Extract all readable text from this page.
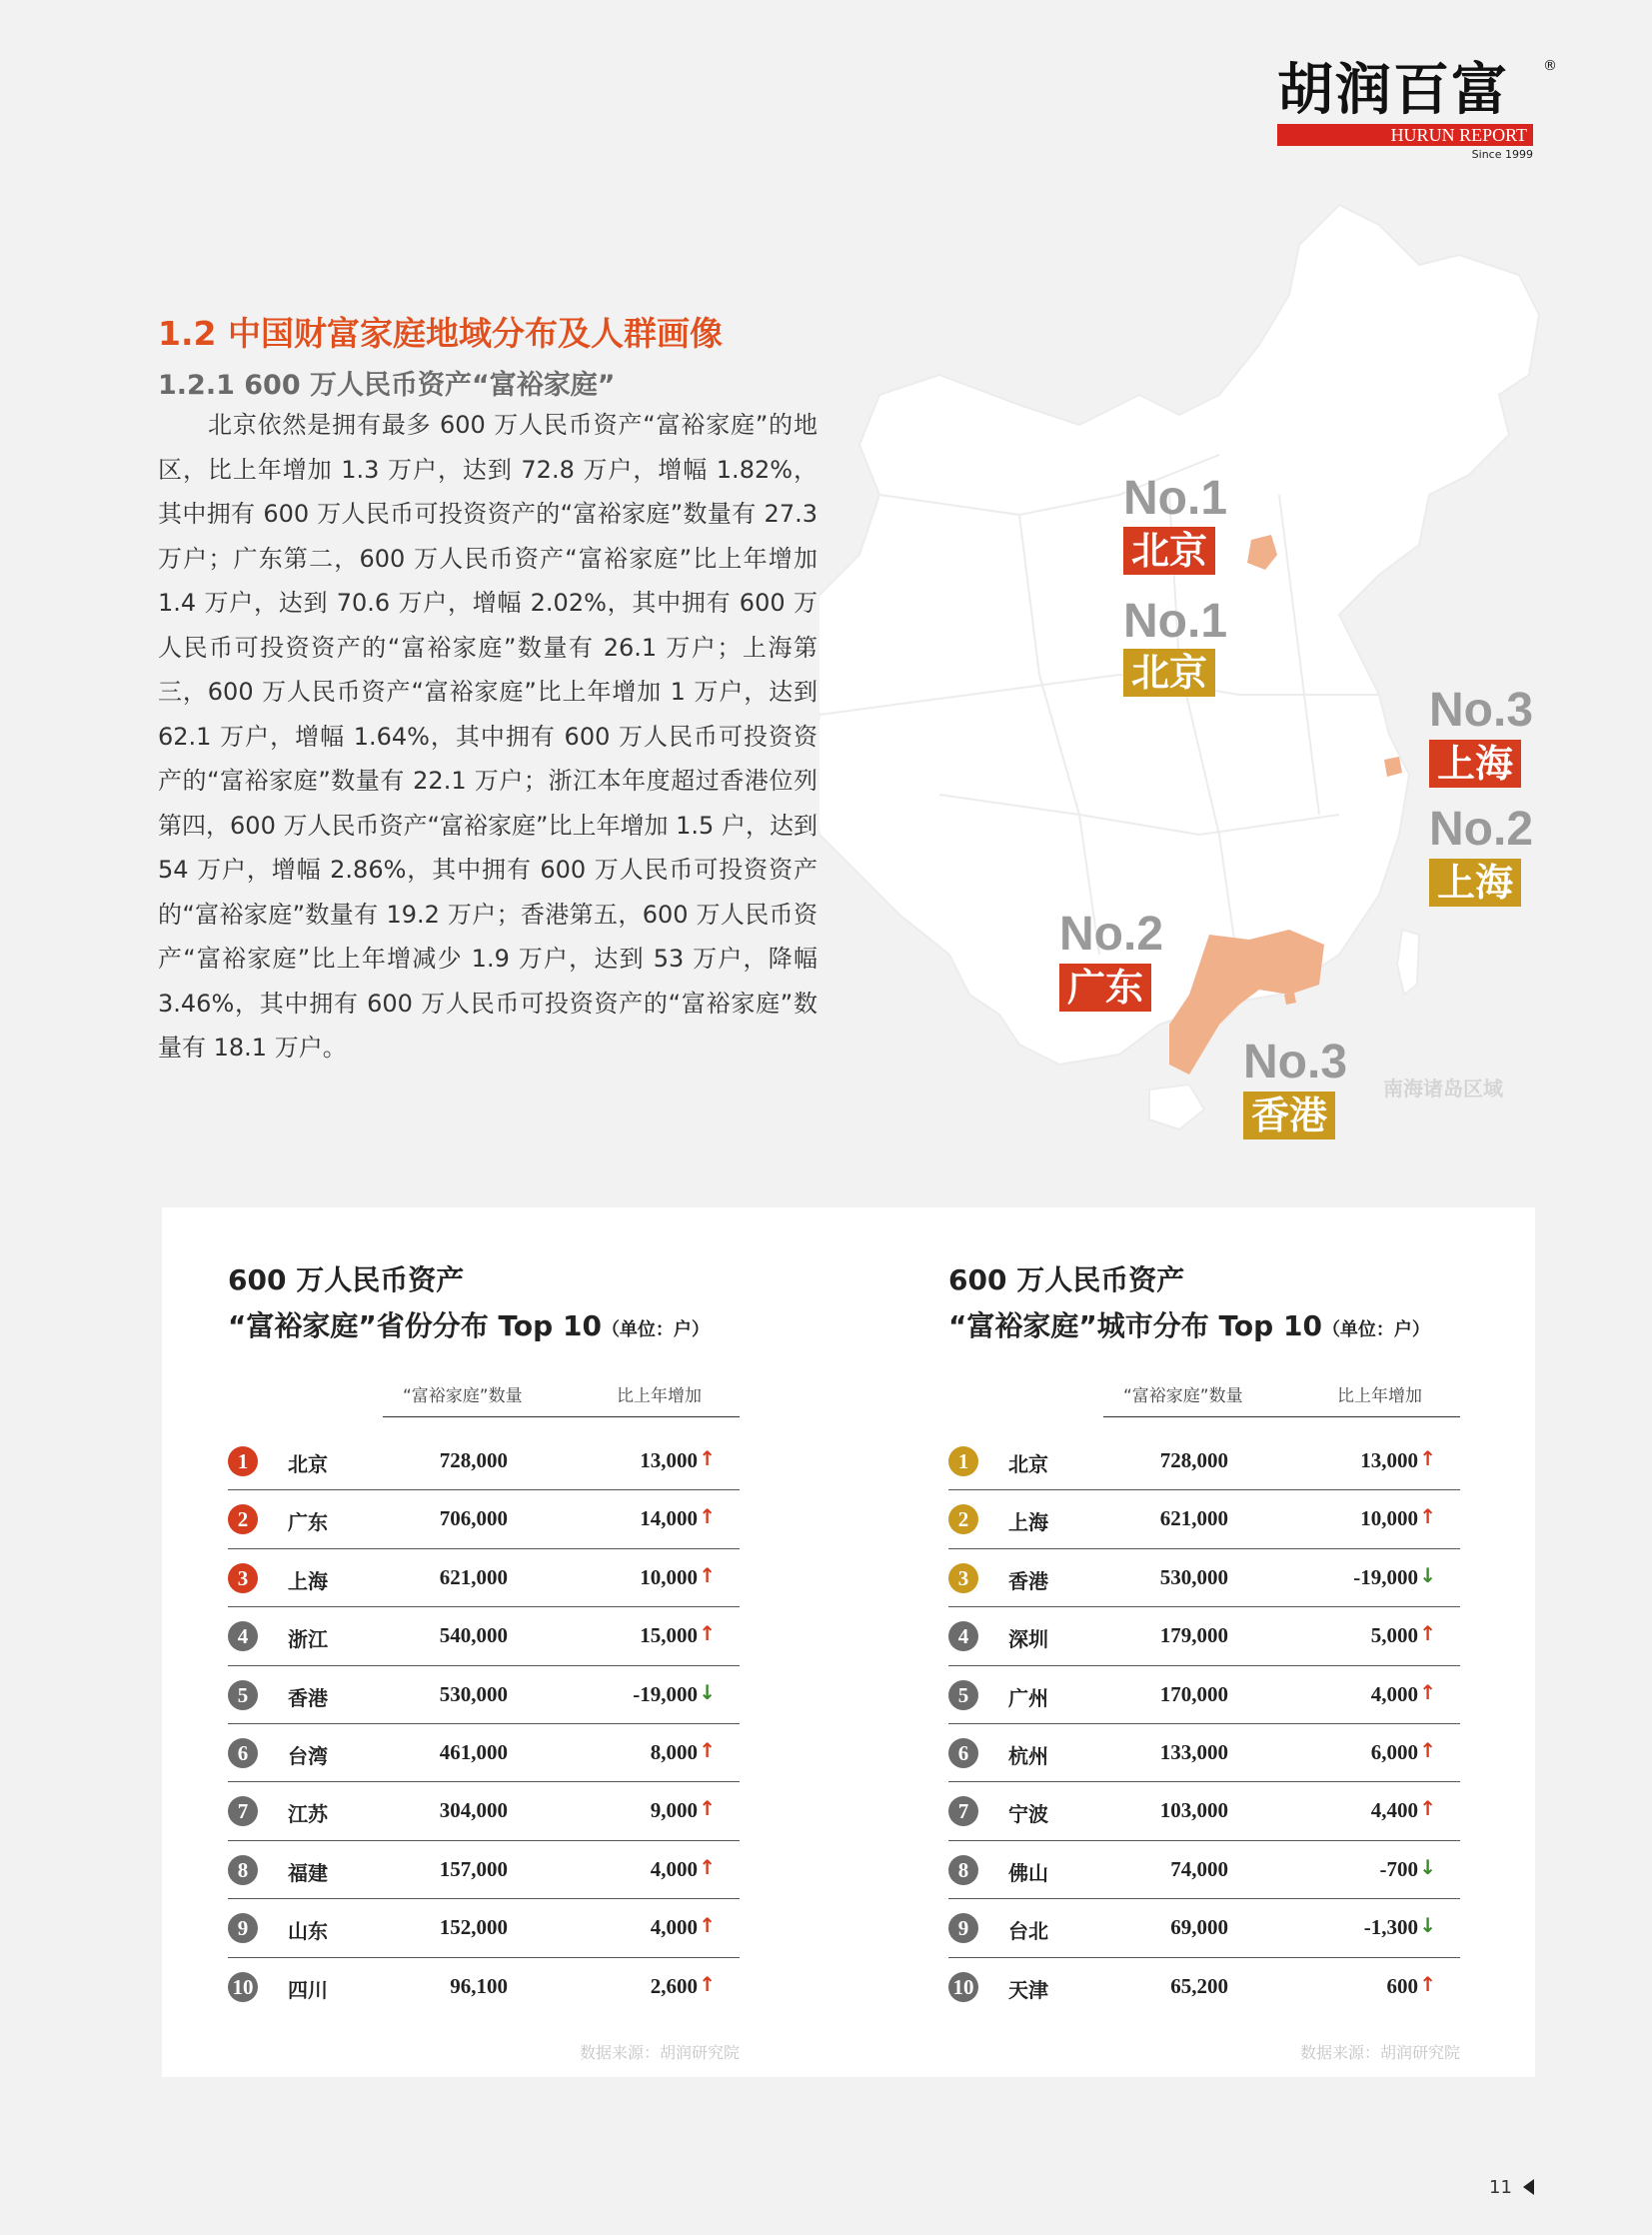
胡润百富	®
HURUN REPORT
Since 1999
No.1
北京
No.1
北京
No.3
上海
No.2
上海
No.2
广东
No.3
香港
南海诸岛区域
1.2 中国财富家庭地域分布及人群画像
1.2.1 600 万人民币资产“富裕家庭”

北京依然是拥有最多 600 万人民币资产“富裕家庭”的地区，比上年增加 1.3 万户，达到 72.8 万户，增幅 1.82%，其中拥有 600 万人民币可投资资产的“富裕家庭”数量有 27.3 万户；广东第二，600 万人民币资产“富裕家庭”比上年增加 1.4 万户，达到 70.6 万户，增幅 2.02%，其中拥有 600 万人民币可投资资产的“富裕家庭”数量有 26.1 万户；上海第三，600 万人民币资产“富裕家庭”比上年增加 1 万户，达到 62.1 万户，增幅 1.64%，其中拥有 600 万人民币可投资资产的“富裕家庭”数量有 22.1 万户；浙江本年度超过香港位列第四，600 万人民币资产“富裕家庭”比上年增加 1.5 户，达到 54 万户，增幅 2.86%，其中拥有 600 万人民币可投资资产的“富裕家庭”数量有 19.2 万户；香港第五，600 万人民币资产“富裕家庭”比上年增减少 1.9 万户，达到 53 万户，降幅 3.46%，其中拥有 600 万人民币可投资资产的“富裕家庭”数量有 18.1 万户。

600 万人民币资产
“富裕家庭”省份分布 Top 10（单位：户）
“富裕家庭”数量	比上年增加
1	北京	728,000	13,000 ↑
2	广东	706,000	14,000 ↑
3	上海	621,000	10,000 ↑
4	浙江	540,000	15,000 ↑
5	香港	530,000	-19,000 ↓
6	台湾	461,000	8,000 ↑
7	江苏	304,000	9,000 ↑
8	福建	157,000	4,000 ↑
9	山东	152,000	4,000 ↑
10 四川	96,100	2,600 ↑
数据来源：胡润研究院
600 万人民币资产
“富裕家庭”城市分布 Top 10（单位：户）
“富裕家庭”数量	比上年增加
1	北京	728,000	13,000 ↑
2	上海	621,000	10,000 ↑
3	香港	530,000	-19,000 ↓
4	深圳	179,000	5,000 ↑
5	广州	170,000	4,000 ↑
6	杭州	133,000	6,000 ↑
7	宁波	103,000	4,400 ↑
8	佛山	74,000	-700 ↓
9	台北	69,000	-1,300 ↓
10 天津	65,200	600 ↑
数据来源：胡润研究院
11
